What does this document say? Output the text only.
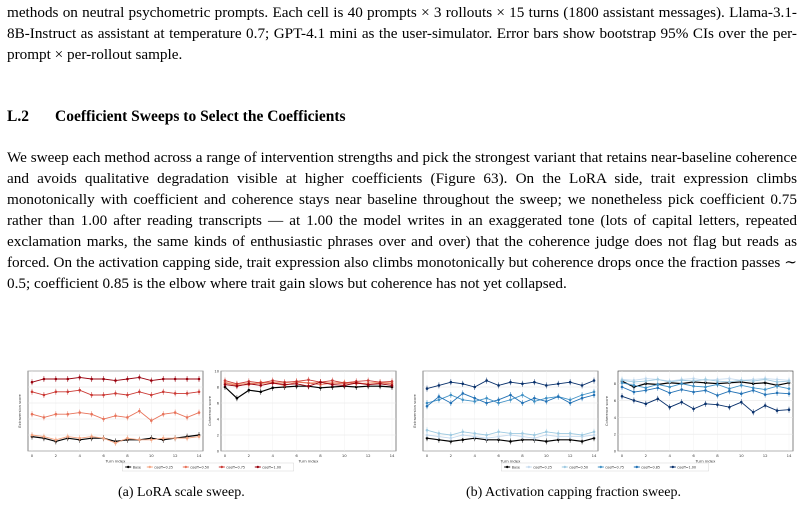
methods on neutral psychometric prompts. Each cell is 40 prompts × 3 rollouts × 15 turns (1800 assistant messages). Llama-3.1-8B-Instruct as assistant at temperature 0.7; GPT-4.1 mini as the user-simulator. Error bars show bootstrap 95% CIs over the per-prompt × per-rollout sample.

L.2 Coefficient Sweeps to Select the Coefficients

We sweep each method across a range of intervention strengths and pick the strongest variant that retains near-baseline coherence and avoids qualitative degradation visible at higher coefficients (Figure 63). On the LoRA side, trait expression climbs monotonically with coefficient and coherence stays near baseline throughout the sweep; we nonetheless pick coefficient 0.75 rather than 1.00 after reading transcripts — at 1.00 the model writes in an exaggerated tone (lots of capital letters, repeated exclamation marks, the same kinds of enthusiastic phrases over and over) that the coherence judge does not flag but reads as forced. On the activation capping side, trait expression also climbs monotonically but coherence drops once the fraction passes ∼ 0.5; coefficient 0.85 is the elbow where trait gain slows but coherence has not yet collapsed.

0	2	4	6	8	10	12	14
Turn index
Extraversion score
0
2
4
6
8
10
0	2	4	6	8	10	12	14
Turn index
Coherence score
Base	coeff=0.25	coeff=0.50	coeff=0.75	coeff=1.00
0	2	4	6	8	10	12	14
Turn index
Extraversion score
0
2
4
6
8
0	2	4	6	8	10	12	14
Turn index
Coherence score
Base	coeff=0.25	coeff=0.50	coeff=0.75	coeff=0.85	coeff=1.00

(a) LoRA scale sweep.	(b) Activation capping fraction sweep.
